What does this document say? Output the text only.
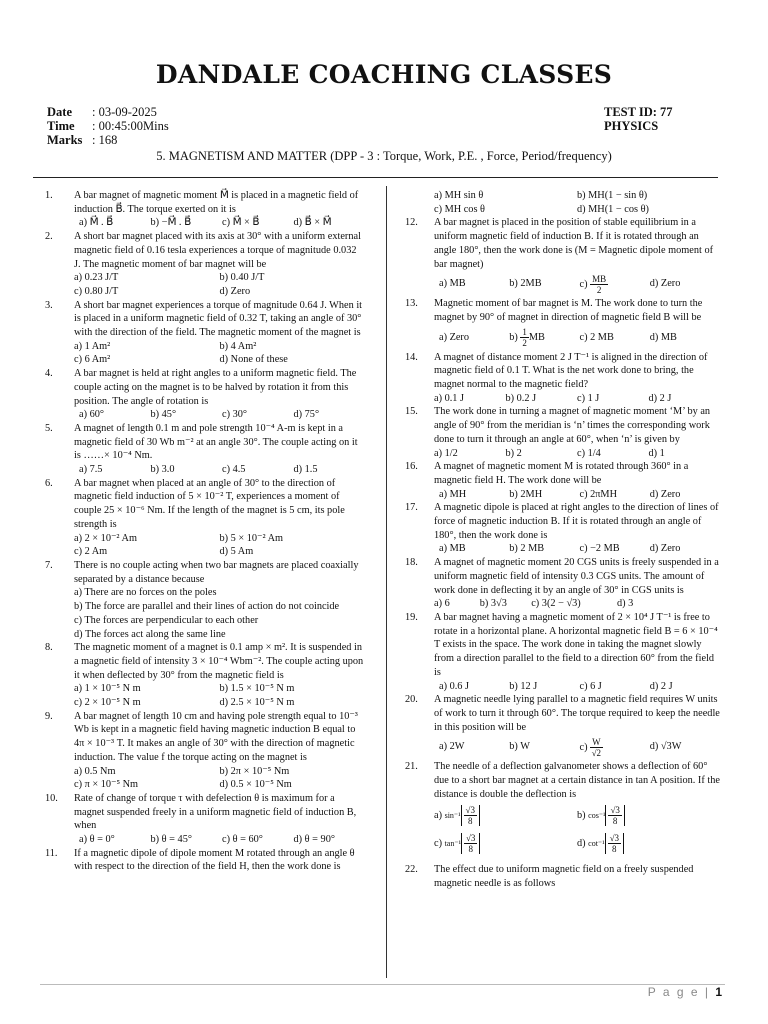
DANDALE COACHING CLASSES
Date : 03-09-2025
Time : 00:45:00Mins
Marks : 168
TEST ID: 77
PHYSICS
5. MAGNETISM AND MATTER (DPP - 3 : Torque, Work, P.E. , Force, Period/frequency)
1. A bar magnet of magnetic moment M⃗ is placed in a magnetic field of induction B⃗. The torque exerted on it is
a) M⃗ . B⃗	b) −M⃗ . B⃗	c) M⃗ × B⃗	d) B⃗ × M⃗
2. A short bar magnet placed with its axis at 30° with a uniform external magnetic field of 0.16 tesla experiences a torque of magnitude 0.032 J. The magnetic moment of bar magnet will be
a) 0.23 J/T	b) 0.40 J/T
c) 0.80 J/T	d) Zero
3. A short bar magnet experiences a torque of magnitude 0.64 J. When it is placed in a uniform magnetic field of 0.32 T, taking an angle of 30° with the direction of the field. The magnetic moment of the magnet is
a) 1 Am²	b) 4 Am²
c) 6 Am²	d) None of these
4. A bar magnet is held at right angles to a uniform magnetic field. The couple acting on the magnet is to be halved by rotation it from this position. The angle of rotation is
a) 60°	b) 45°	c) 30°	d) 75°
5. A magnet of length 0.1 m and pole strength 10⁻⁴ A-m is kept in a magnetic field of 30 Wb m⁻² at an angle 30°. The couple acting on it is ……× 10⁻⁴ Nm.
a) 7.5	b) 3.0	c) 4.5	d) 1.5
6. A bar magnet when placed at an angle of 30° to the direction of magnetic field induction of 5 × 10⁻² T, experiences a moment of couple 25 × 10⁻⁶ Nm. If the length of the magnet is 5 cm, its pole strength is
a) 2 × 10⁻² Am	b) 5 × 10⁻² Am
c) 2 Am	d) 5 Am
7. There is no couple acting when two bar magnets are placed coaxially separated by a distance because
a) There are no forces on the poles
b) The force are parallel and their lines of action do not coincide
c) The forces are perpendicular to each other
d) The forces act along the same line
8. The magnetic moment of a magnet is 0.1 amp × m². It is suspended in a magnetic field of intensity 3 × 10⁻⁴ Wbm⁻². The couple acting upon it when deflected by 30° from the magnetic field is
a) 1 × 10⁻⁵ N m	b) 1.5 × 10⁻⁵ N m
c) 2 × 10⁻⁵ N m	d) 2.5 × 10⁻⁵ N m
9. A bar magnet of length 10 cm and having pole strength equal to 10⁻³ Wb is kept in a magnetic field having magnetic induction B equal to 4π × 10⁻³ T. It makes an angle of 30° with the direction of magnetic induction. The value f the torque acting on the magnet is
a) 0.5 Nm	b) 2π × 10⁻⁵ Nm
c) π × 10⁻⁵ Nm	d) 0.5 × 10⁻⁵ Nm
10. Rate of change of torque τ with defelection θ is maximum for a magnet suspended freely in a uniform magnetic field of induction B, when
a) θ = 0°	b) θ = 45°	c) θ = 60°	d) θ = 90°
11. If a magnetic dipole of dipole moment M rotated through an angle θ with respect to the direction of the field H, then the work done is
a) MH sin θ	b) MH(1 − sin θ)
c) MH cos θ	d) MH(1 − cos θ)
12. A bar magnet is placed in the position of stable equilibrium in a uniform magnetic field of induction B. If it is rotated through an angle 180°, then the work done is (M = Magnetic dipole moment of bar magnet)
a) MB	b) 2MB	$c) \frac{MB}{2}$	d) Zero
13. Magnetic moment of bar magnet is M. The work done to turn the magnet by 90° of magnet in direction of magnetic field B will be
a) Zero	$b) \frac{1}{2}$ MB	c) 2 MB	d) MB
14. A magnet of distance moment 2 J T⁻¹ is aligned in the direction of magnetic field of 0.1 T. What is the net work done to bring, the magnet normal to the magnetic field?
a) 0.1 J	b) 0.2 J	c) 1 J	d) 2 J
15. The work done in turning a magnet of magnetic moment ‘M’ by an angle of 90° from the meridian is ‘n’ times the corresponding work done to turn it through an angle at 60°, when ‘n’ is given by
a) 1/2	b) 2	c) 1/4	d) 1
16. A magnet of magnetic moment M is rotated through 360° in a magnetic field H. The work done will be
a) MH	b) 2MH	c) 2πMH	d) Zero
17. A magnetic dipole is placed at right angles to the direction of lines of force of magnetic induction B. If it is rotated through an angle of 180°, then the work done is
a) MB	b) 2 MB	c) −2 MB	d) Zero
18. A magnet of magnetic moment 20 CGS units is freely suspended in a uniform magnetic field of intensity 0.3 CGS units. The amount of work done in deflecting it by an angle of 30° in CGS units is
a) 6	b) 3√3	c) 3(2 − √3)	d) 3
19. A bar magnet having a magnetic moment of 2 × 10⁴ J T⁻¹ is free to rotate in a horizontal plane. A horizontal magnetic field B = 6 × 10⁻⁴ T exists in the space. The work done in taking the magnet slowly from a direction parallel to the field to a direction 60° from the field is
a) 0.6 J	b) 12 J	c) 6 J	d) 2 J
20. A magnetic needle lying parallel to a magnetic field requires W units of work to turn it through 60°. The torque required to keep the needle in this position will be
a) 2W	b) W	$c) \frac{W}{√2}$	d) √3W
21. The needle of a deflection galvanometer shows a deflection of 60° due to a short bar magnet at a certain distance in tan A position. If the distance is double the deflection is
a)
$\sin^{-1} \frac{√3}{8}$	b)
$\cos^{-1} \frac{√3}{8}$
c)
$\tan^{-1} \frac{√3}{8}$	d)
$\cot^{-1} \frac{√3}{8}$
22. The effect due to uniform magnetic field on a freely suspended magnetic needle is as follows
P a g e | 1
